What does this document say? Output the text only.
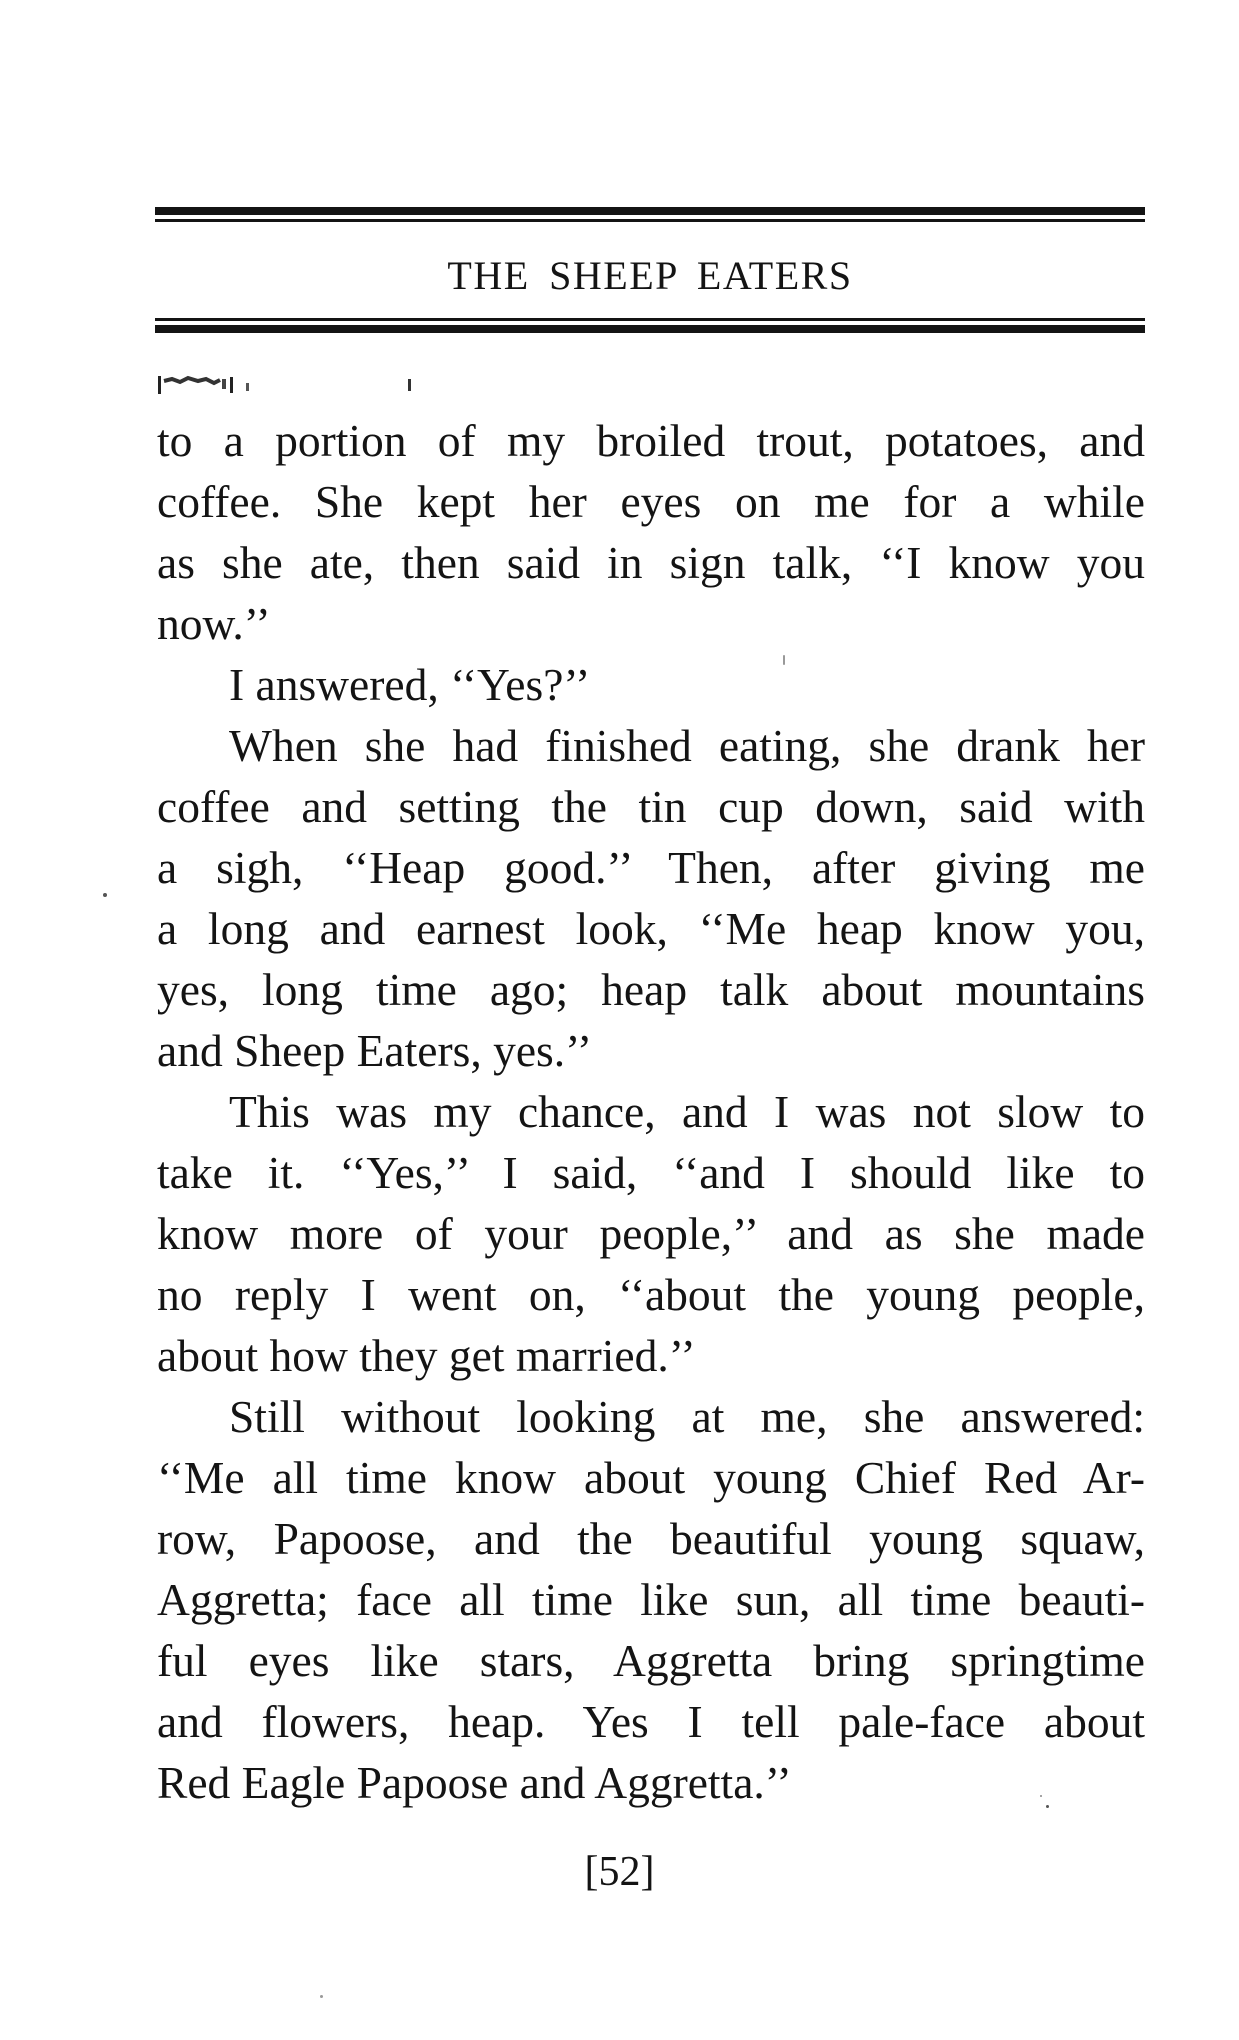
THE SHEEP EATERS
to a portion of my broiled trout, potatoes, and
coffee. She kept her eyes on me for a while
as she ate, then said in sign talk, ‘‘I know you
now.’’
I answered, ‘‘Yes?’’
When she had finished eating, she drank her
coffee and setting the tin cup down, said with
a sigh, ‘‘Heap good.’’ Then, after giving me
a long and earnest look, ‘‘Me heap know you,
yes, long time ago; heap talk about mountains
and Sheep Eaters, yes.’’
This was my chance, and I was not slow to
take it. ‘‘Yes,’’ I said, ‘‘and I should like to
know more of your people,’’ and as she made
no reply I went on, ‘‘about the young people,
about how they get married.’’
Still without looking at me, she answered:
‘‘Me all time know about young Chief Red Ar-
row, Papoose, and the beautiful young squaw,
Aggretta; face all time like sun, all time beauti-
ful eyes like stars, Aggretta bring springtime
and flowers, heap. Yes I tell pale-face about
Red Eagle Papoose and Aggretta.’’
[52]
